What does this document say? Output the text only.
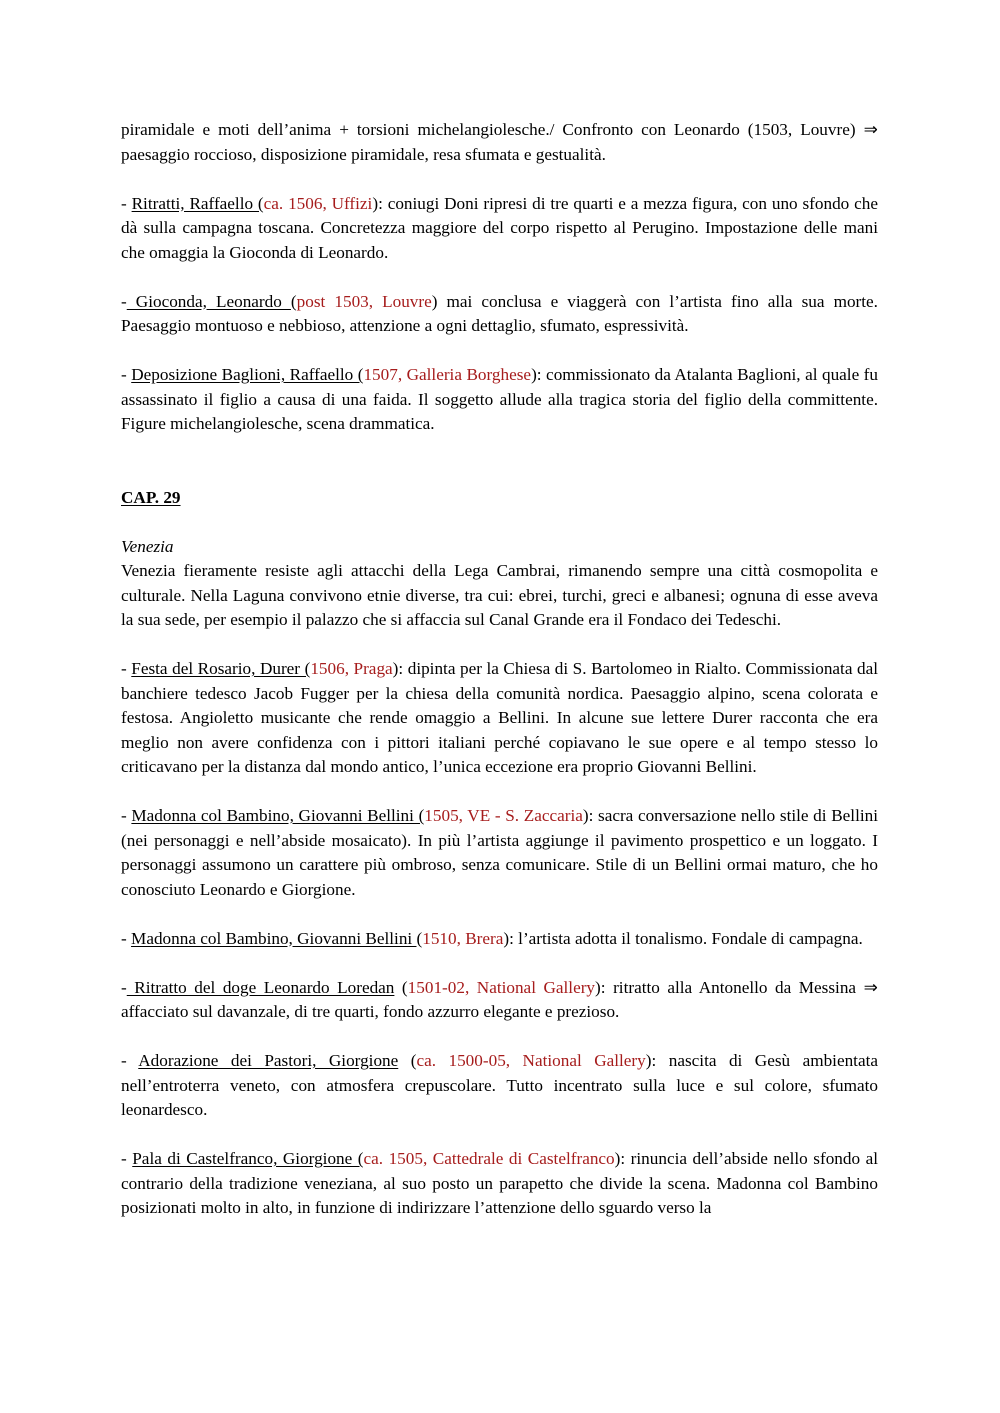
piramidale e moti dell’anima + torsioni michelangiolesche./ Confronto con Leonardo (1503, Louvre) ⇒ paesaggio roccioso, disposizione piramidale, resa sfumata e gestualità.

- Ritratti, Raffaello (ca. 1506, Uffizi): coniugi Doni ripresi di tre quarti e a mezza figura, con uno sfondo che dà sulla campagna toscana. Concretezza maggiore del corpo rispetto al Perugino. Impostazione delle mani che omaggia la Gioconda di Leonardo.

- Gioconda, Leonardo (post 1503, Louvre) mai conclusa e viaggerà con l’artista fino alla sua morte. Paesaggio montuoso e nebbioso, attenzione a ogni dettaglio, sfumato, espressività.

- Deposizione Baglioni, Raffaello (1507, Galleria Borghese): commissionato da Atalanta Baglioni, al quale fu assassinato il figlio a causa di una faida. Il soggetto allude alla tragica storia del figlio della committente. Figure michelangiolesche, scena drammatica.

CAP. 29

Venezia
Venezia fieramente resiste agli attacchi della Lega Cambrai, rimanendo sempre una città cosmopolita e culturale. Nella Laguna convivono etnie diverse, tra cui: ebrei, turchi, greci e albanesi; ognuna di esse aveva la sua sede, per esempio il palazzo che si affaccia sul Canal Grande era il Fondaco dei Tedeschi.

- Festa del Rosario, Durer (1506, Praga): dipinta per la Chiesa di S. Bartolomeo in Rialto. Commissionata dal banchiere tedesco Jacob Fugger per la chiesa della comunità nordica. Paesaggio alpino, scena colorata e festosa. Angioletto musicante che rende omaggio a Bellini. In alcune sue lettere Durer racconta che era meglio non avere confidenza con i pittori italiani perché copiavano le sue opere e al tempo stesso lo criticavano per la distanza dal mondo antico, l’unica eccezione era proprio Giovanni Bellini.

- Madonna col Bambino, Giovanni Bellini (1505, VE - S. Zaccaria): sacra conversazione nello stile di Bellini (nei personaggi e nell’abside mosaicato). In più l’artista aggiunge il pavimento prospettico e un loggato. I personaggi assumono un carattere più ombroso, senza comunicare. Stile di un Bellini ormai maturo, che ho conosciuto Leonardo e Giorgione.

- Madonna col Bambino, Giovanni Bellini (1510, Brera): l’artista adotta il tonalismo. Fondale di campagna.

- Ritratto del doge Leonardo Loredan (1501-02, National Gallery): ritratto alla Antonello da Messina ⇒ affacciato sul davanzale, di tre quarti, fondo azzurro elegante e prezioso.

- Adorazione dei Pastori, Giorgione (ca. 1500-05, National Gallery): nascita di Gesù ambientata nell’entroterra veneto, con atmosfera crepuscolare. Tutto incentrato sulla luce e sul colore, sfumato leonardesco.

- Pala di Castelfranco, Giorgione (ca. 1505, Cattedrale di Castelfranco): rinuncia dell’abside nello sfondo al contrario della tradizione veneziana, al suo posto un parapetto che divide la scena. Madonna col Bambino posizionati molto in alto, in funzione di indirizzare l’attenzione dello sguardo verso la
